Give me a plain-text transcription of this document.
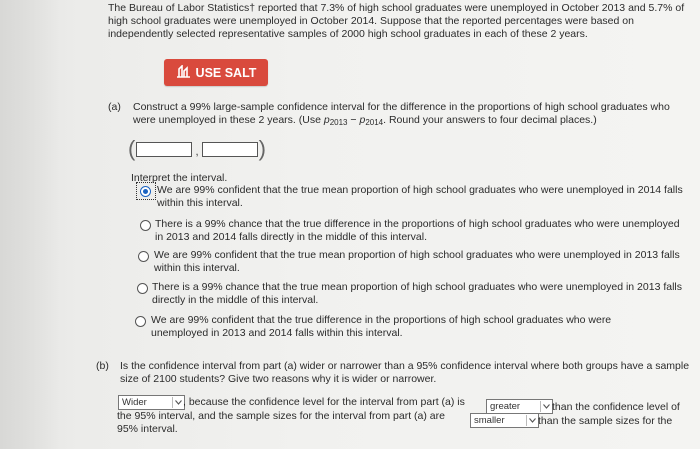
The Bureau of Labor Statistics† reported that 7.3% of high school graduates were unemployed in October 2013 and 5.7% of high school graduates were unemployed in October 2014. Suppose that the reported percentages were based on independently selected representative samples of 2000 high school graduates in each of these 2 years.
USE SALT
(a) Construct a 99% large-sample confidence interval for the difference in the proportions of high school graduates who were unemployed in these 2 years. (Use $p_{2013} - p_{2014}$. Round your answers to four decimal places.)
(	,	)
Interpret the interval.
We are 99% confident that the true mean proportion of high school graduates who were unemployed in 2014 falls within this interval.
There is a 99% chance that the true difference in the proportions of high school graduates who were unemployed in 2013 and 2014 falls directly in the middle of this interval.
We are 99% confident that the true mean proportion of high school graduates who were unemployed in 2013 falls within this interval.
There is a 99% chance that the true mean proportion of high school graduates who were unemployed in 2013 falls directly in the middle of this interval.
We are 99% confident that the true difference in the proportions of high school graduates who were unemployed in 2013 and 2014 falls within this interval.
(b) Is the confidence interval from part (a) wider or narrower than a 95% confidence interval where both groups have a sample size of 2100 students? Give two reasons why it is wider or narrower.
Wider	, because the confidence level for the interval from part (a) is	greater	than the confidence level of
the 95% interval, and the sample sizes for the interval from part (a) are	smaller	than the sample sizes for the
95% interval.
